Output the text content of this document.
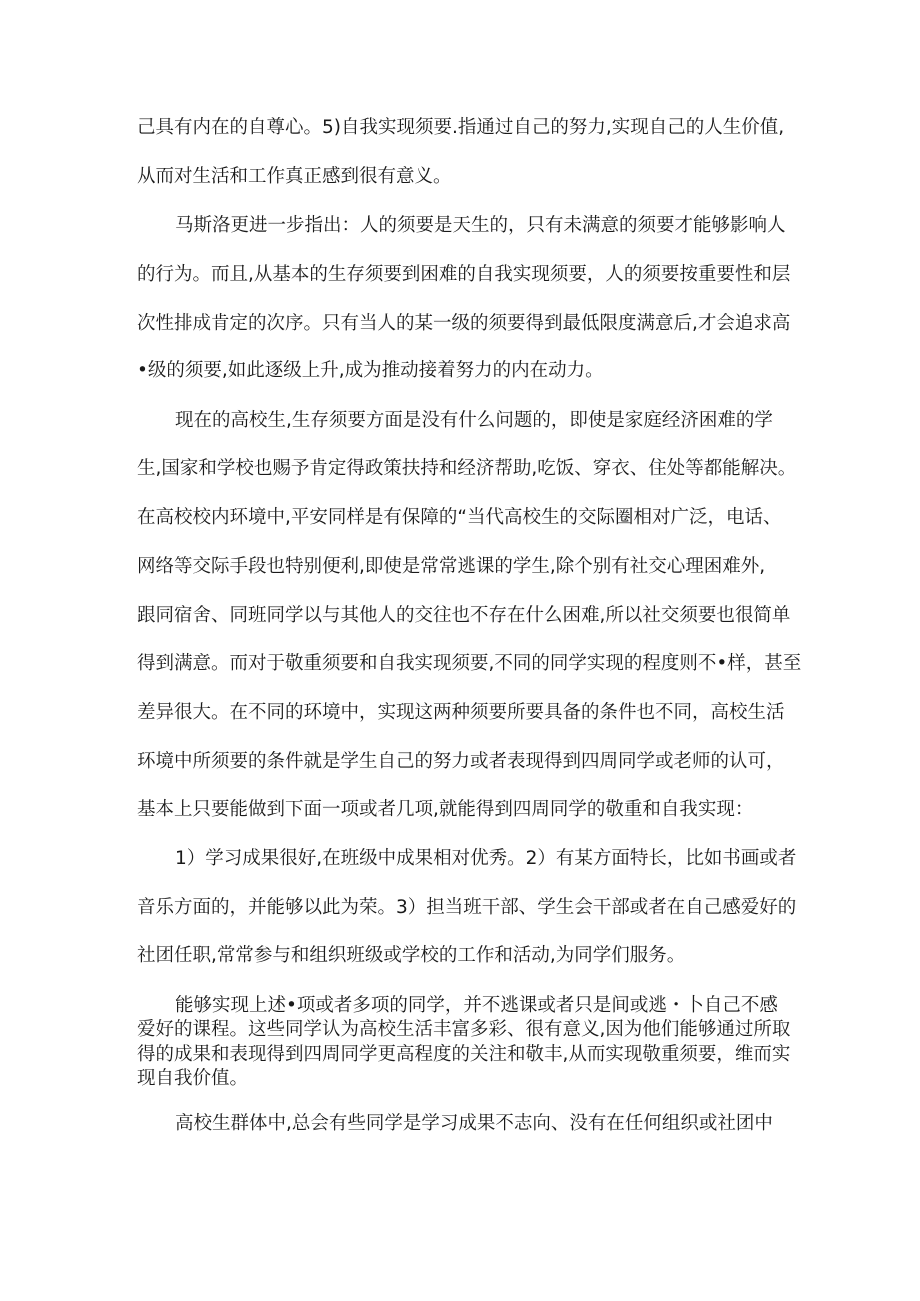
己具有内在的自尊心。5)自我实现须要.指通过自己的努力,实现自己的人生价值,

从而对生活和工作真正感到很有意义。

马斯洛更进一步指出：人的须要是天生的，只有未满意的须要才能够影响人

的行为。而且,从基本的生存须要到困难的自我实现须要，人的须要按重要性和层

次性排成肯定的次序。只有当人的某一级的须要得到最低限度满意后,才会追求高

•级的须要,如此逐级上升,成为推动接着努力的内在动力。

现在的高校生,生存须要方面是没有什么问题的，即使是家庭经济困难的学

生,国家和学校也赐予肯定得政策扶持和经济帮助,吃饭、穿衣、住处等都能解决。

在高校校内环境中,平安同样是有保障的“当代高校生的交际圈相对广泛，电话、

网络等交际手段也特别便利,即使是常常逃课的学生,除个别有社交心理困难外,

跟同宿舍、同班同学以与其他人的交往也不存在什么困难,所以社交须要也很简单

得到满意。而对于敬重须要和自我实现须要,不同的同学实现的程度则不•样，甚至

差异很大。在不同的环境中，实现这两种须要所要具备的条件也不同，高校生活

环境中所须要的条件就是学生自己的努力或者表现得到四周同学或老师的认可，

基本上只要能做到下面一项或者几项,就能得到四周同学的敬重和自我实现：

1）学习成果很好,在班级中成果相对优秀。2）有某方面特长，比如书画或者

音乐方面的，并能够以此为荣。3）担当班干部、学生会干部或者在自己感爱好的

社团任职,常常参与和组织班级或学校的工作和活动,为同学们服务。

能够实现上述•项或者多项的同学，并不逃课或者只是间或逃・卜自己不感

爱好的课程。这些同学认为高校生活丰富多彩、很有意义,因为他们能够通过所取

得的成果和表现得到四周同学更高程度的关注和敬丰,从而实现敬重须要，维而实

现自我价值。

高校生群体中,总会有些同学是学习成果不志向、没有在任何组织或社团中
